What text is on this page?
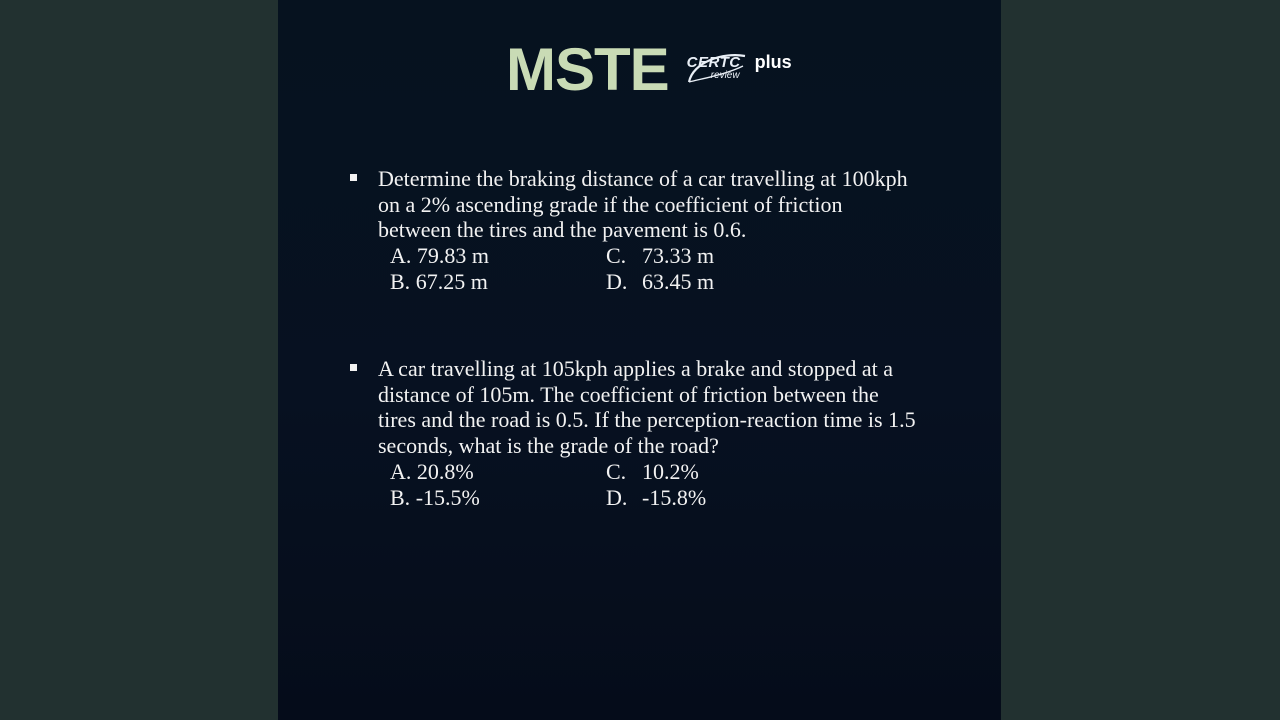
MSTE CERTC
review
plus
Determine the braking distance of a car travelling at 100kph on a 2% ascending grade if the coefficient of friction between the tires and the pavement is 0.6.
A. 79.83 m	C. 73.33 m
B. 67.25 m	D. 63.45 m
A car travelling at 105kph applies a brake and stopped at a distance of 105m. The coefficient of friction between the tires and the road is 0.5. If the perception-reaction time is 1.5 seconds, what is the grade of the road?
A. 20.8%	C. 10.2%
B. -15.5%	D. -15.8%
